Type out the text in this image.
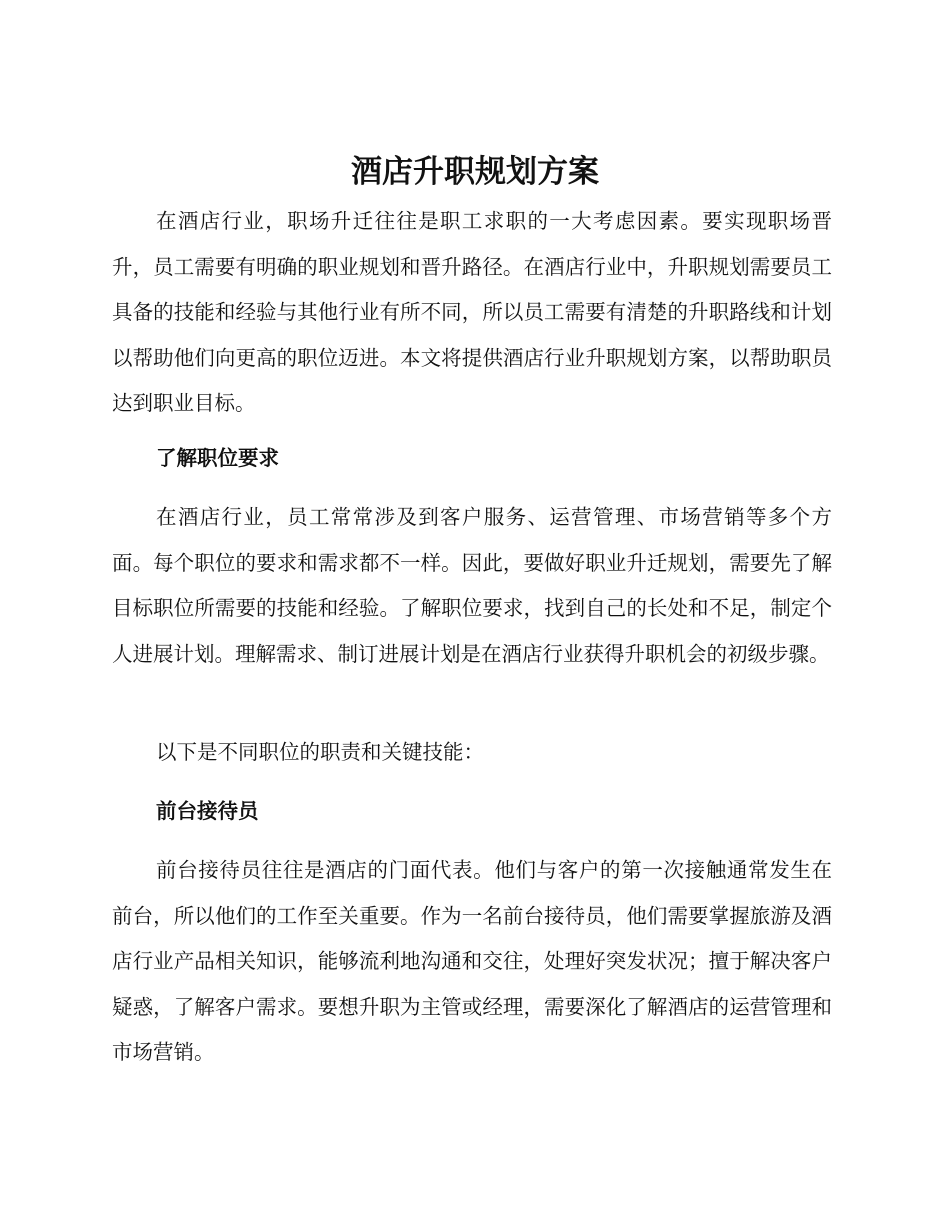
酒店升职规划方案

在酒店行业，职场升迁往往是职工求职的一大考虑因素。要实现职场晋升，员工需要有明确的职业规划和晋升路径。在酒店行业中，升职规划需要员工具备的技能和经验与其他行业有所不同，所以员工需要有清楚的升职路线和计划以帮助他们向更高的职位迈进。本文将提供酒店行业升职规划方案，以帮助职员达到职业目标。

了解职位要求

在酒店行业，员工常常涉及到客户服务、运营管理、市场营销等多个方面。每个职位的要求和需求都不一样。因此，要做好职业升迁规划，需要先了解目标职位所需要的技能和经验。了解职位要求，找到自己的长处和不足，制定个人进展计划。理解需求、制订进展计划是在酒店行业获得升职机会的初级步骤。

以下是不同职位的职责和关键技能：

前台接待员

前台接待员往往是酒店的门面代表。他们与客户的第一次接触通常发生在前台，所以他们的工作至关重要。作为一名前台接待员，他们需要掌握旅游及酒店行业产品相关知识，能够流利地沟通和交往，处理好突发状况；擅于解决客户疑惑，了解客户需求。要想升职为主管或经理，需要深化了解酒店的运营管理和市场营销。
